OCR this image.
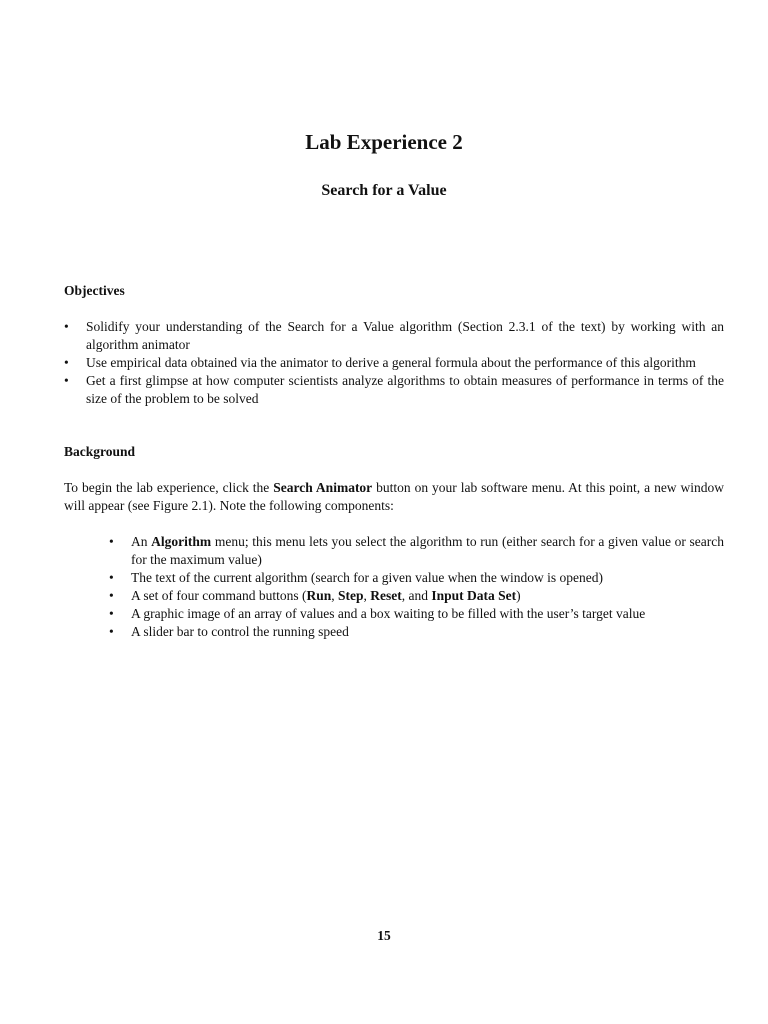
Lab Experience 2
Search for a Value
Objectives
• Solidify your understanding of the Search for a Value algorithm (Section 2.3.1 of the text) by working with an algorithm animator
• Use empirical data obtained via the animator to derive a general formula about the performance of this algorithm
• Get a first glimpse at how computer scientists analyze algorithms to obtain measures of performance in terms of the size of the problem to be solved
Background

To begin the lab experience, click the Search Animator button on your lab software menu. At this point, a new window will appear (see Figure 2.1). Note the following components:

• An Algorithm menu; this menu lets you select the algorithm to run (either search for a given value or search for the maximum value)
• The text of the current algorithm (search for a given value when the window is opened)
• A set of four command buttons (Run, Step, Reset, and Input Data Set)
• A graphic image of an array of values and a box waiting to be filled with the user’s target value
• A slider bar to control the running speed
15
